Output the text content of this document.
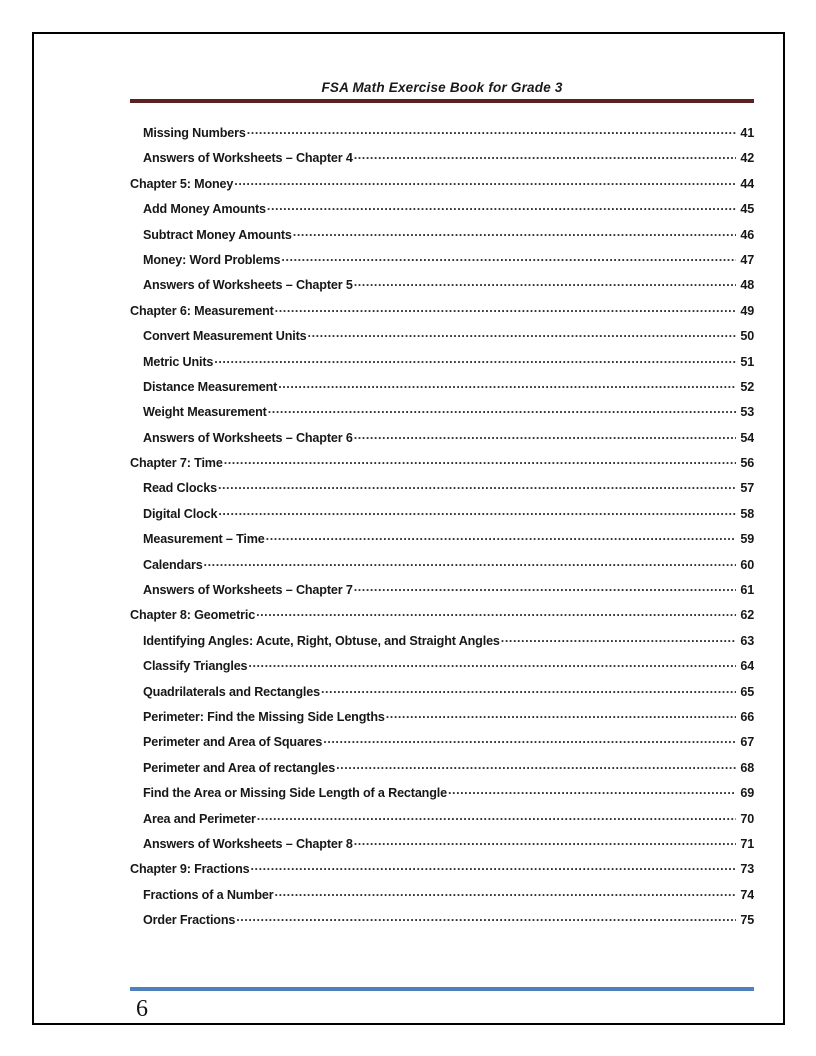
FSA Math Exercise Book for Grade 3
Missing Numbers .....	41
Answers of Worksheets – Chapter 4 .....	42
Chapter 5: Money .....	44
Add Money Amounts .....	45
Subtract Money Amounts .....	46
Money: Word Problems .....	47
Answers of Worksheets – Chapter 5 .....	48
Chapter 6: Measurement .....	49
Convert Measurement Units .....	50
Metric Units .....	51
Distance Measurement .....	52
Weight Measurement .....	53
Answers of Worksheets – Chapter 6 .....	54
Chapter 7: Time .....	56
Read Clocks .....	57
Digital Clock .....	58
Measurement – Time .....	59
Calendars .....	60
Answers of Worksheets – Chapter 7 .....	61
Chapter 8: Geometric .....	62
Identifying Angles: Acute, Right, Obtuse, and Straight Angles .....	63
Classify Triangles .....	64
Quadrilaterals and Rectangles .....	65
Perimeter: Find the Missing Side Lengths .....	66
Perimeter and Area of Squares .....	67
Perimeter and Area of rectangles .....	68
Find the Area or Missing Side Length of a Rectangle .....	69
Area and Perimeter .....	70
Answers of Worksheets – Chapter 8 .....	71
Chapter 9: Fractions .....	73
Fractions of a Number .....	74
Order Fractions .....	75
6
